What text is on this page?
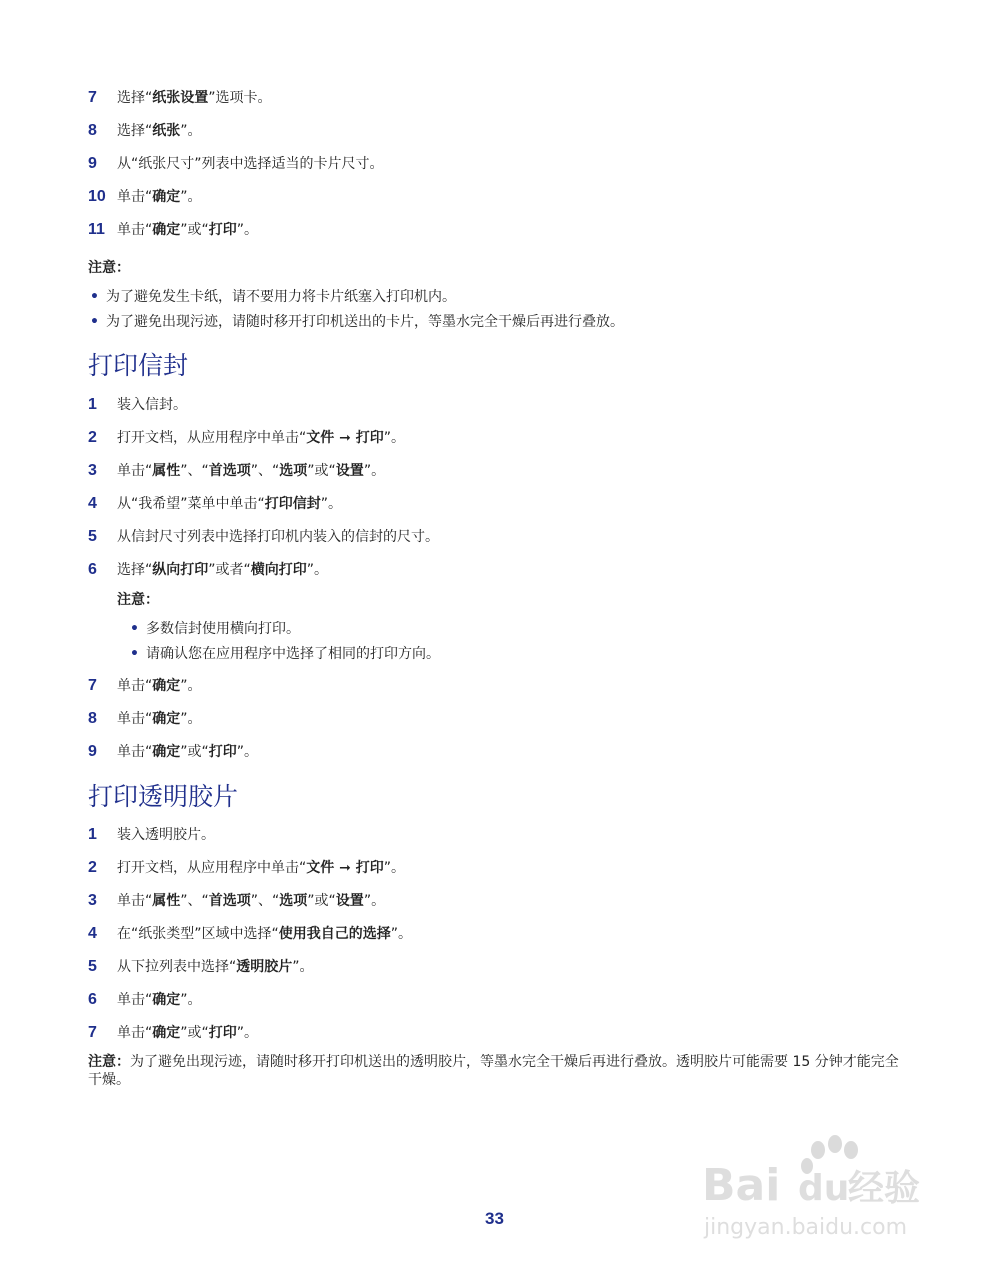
7	选择“纸张设置”选项卡。
8	选择“纸张”。
9	从“纸张尺寸”列表中选择适当的卡片尺寸。
10 单击“确定”。
11 单击“确定”或“打印”。
注意：
• 为了避免发生卡纸，请不要用力将卡片纸塞入打印机内。
• 为了避免出现污迹，请随时移开打印机送出的卡片，等墨水完全干燥后再进行叠放。
打印信封
1	装入信封。
2	打开文档，从应用程序中单击“文件 ➞ 打印”。
3	单击“属性”、“首选项”、“选项”或“设置”。
4	从“我希望”菜单中单击“打印信封”。
5	从信封尺寸列表中选择打印机内装入的信封的尺寸。
6	选择“纵向打印”或者“横向打印”。
注意：
• 多数信封使用横向打印。
• 请确认您在应用程序中选择了相同的打印方向。
7	单击“确定”。
8	单击“确定”。
9	单击“确定”或“打印”。
打印透明胶片
1	装入透明胶片。
2	打开文档，从应用程序中单击“文件 ➞ 打印”。
3	单击“属性”、“首选项”、“选项”或“设置”。
4	在“纸张类型”区域中选择“使用我自己的选择”。
5	从下拉列表中选择“透明胶片”。
6	单击“确定”。
7	单击“确定”或“打印”。
注意：为了避免出现污迹，请随时移开打印机送出的透明胶片，等墨水完全干燥后再进行叠放。透明胶片可能需要 15 分钟才能完全干燥。
Bai du
经验
jingyan.baidu.com
33
